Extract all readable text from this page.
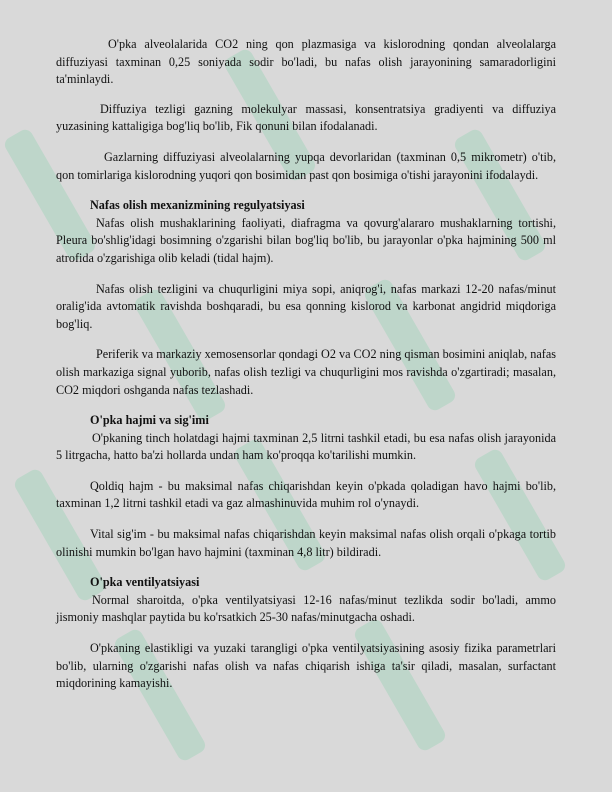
O'pka alveolalarida CO2 ning qon plazmasiga va kislorodning qondan alveolalarga diffuziyasi taxminan 0,25 soniyada sodir bo'ladi, bu nafas olish jarayonining samaradorligini ta'minlaydi.

Diffuziya tezligi gazning molekulyar massasi, konsentratsiya gradiyenti va diffuziya yuzasining kattaligiga bog'liq bo'lib, Fik qonuni bilan ifodalanadi.

Gazlarning diffuziyasi alveolalarning yupqa devorlaridan (taxminan 0,5 mikrometr) o'tib, qon tomirlariga kislorodning yuqori qon bosimidan past qon bosimiga o'tishi jarayonini ifodalaydi.

Nafas olish mexanizmining regulyatsiyasi

Nafas olish mushaklarining faoliyati, diafragma va qovurg'alararo mushaklarning tortishi, Pleura bo'shlig'idagi bosimning o'zgarishi bilan bog'liq bo'lib, bu jarayonlar o'pka hajmining 500 ml atrofida o'zgarishiga olib keladi (tidal hajm).

Nafas olish tezligini va chuqurligini miya sopi, aniqrog'i, nafas markazi 12-20 nafas/minut oralig'ida avtomatik ravishda boshqaradi, bu esa qonning kislorod va karbonat angidrid miqdoriga bog'liq.

Periferik va markaziy xemosensorlar qondagi O2 va CO2 ning qisman bosimini aniqlab, nafas olish markaziga signal yuborib, nafas olish tezligi va chuqurligini mos ravishda o'zgartiradi; masalan, CO2 miqdori oshganda nafas tezlashadi.

O'pka hajmi va sig'imi

O'pkaning tinch holatdagi hajmi taxminan 2,5 litrni tashkil etadi, bu esa nafas olish jarayonida 5 litrgacha, hatto ba'zi hollarda undan ham ko'proqqa ko'tarilishi mumkin.

Qoldiq hajm - bu maksimal nafas chiqarishdan keyin o'pkada qoladigan havo hajmi bo'lib, taxminan 1,2 litrni tashkil etadi va gaz almashinuvida muhim rol o'ynaydi.

Vital sig'im - bu maksimal nafas chiqarishdan keyin maksimal nafas olish orqali o'pkaga tortib olinishi mumkin bo'lgan havo hajmini (taxminan 4,8 litr) bildiradi.

O'pka ventilyatsiyasi

Normal sharoitda, o'pka ventilyatsiyasi 12-16 nafas/minut tezlikda sodir bo'ladi, ammo jismoniy mashqlar paytida bu ko'rsatkich 25-30 nafas/minutgacha oshadi.

O'pkaning elastikligi va yuzaki tarangligi o'pka ventilyatsiyasining asosiy fizika parametrlari bo'lib, ularning o'zgarishi nafas olish va nafas chiqarish ishiga ta'sir qiladi, masalan, surfactant miqdorining kamayishi.
